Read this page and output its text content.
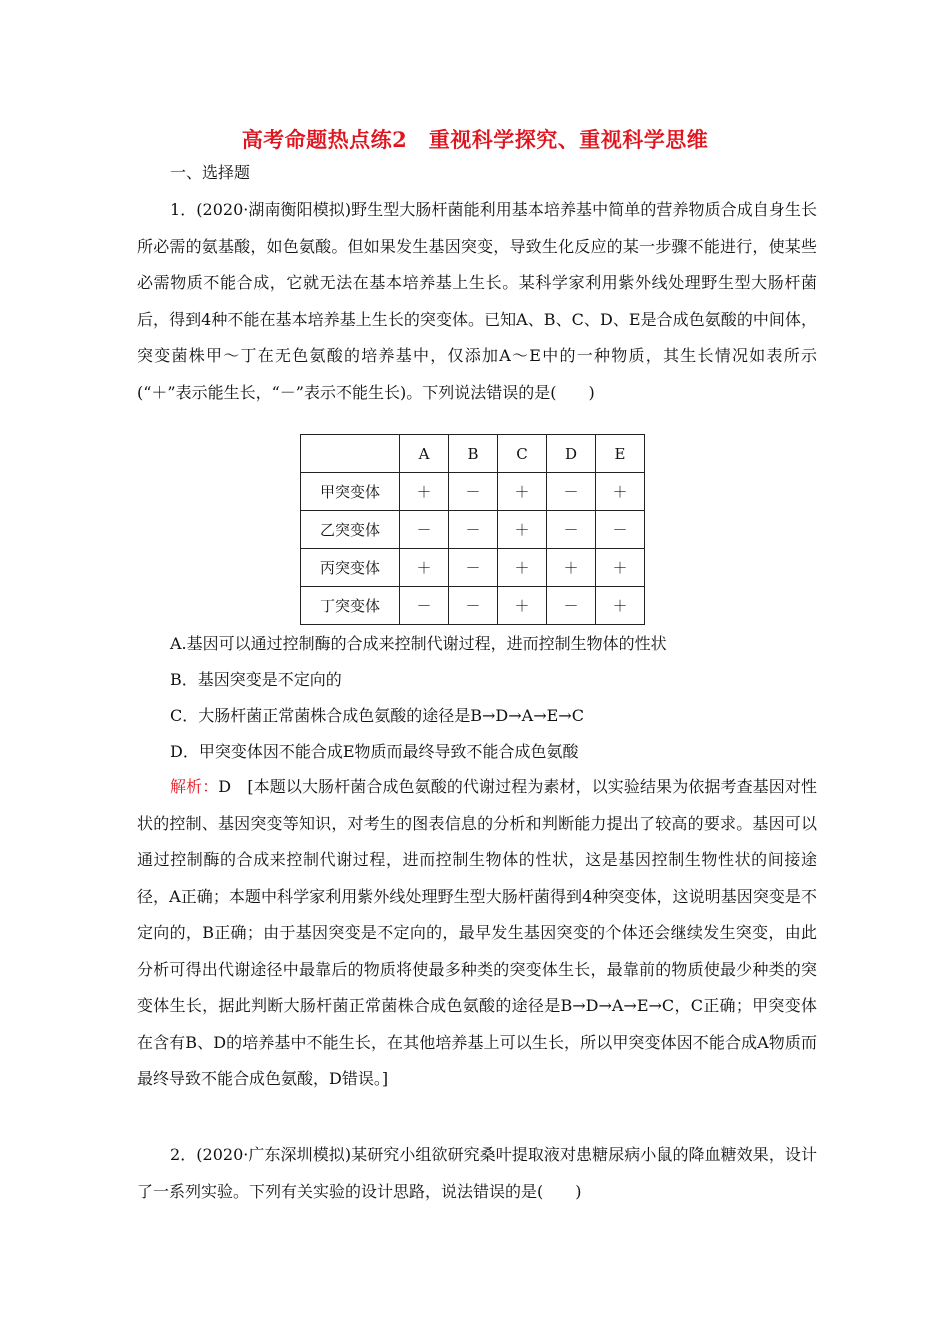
高考命题热点练2　重视科学探究、重视科学思维
一、选择题
1．(2020·湖南衡阳模拟)野生型大肠杆菌能利用基本培养基中简单的营养物质合成自身生长所必需的氨基酸，如色氨酸。但如果发生基因突变，导致生化反应的某一步骤不能进行，使某些必需物质不能合成，它就无法在基本培养基上生长。某科学家利用紫外线处理野生型大肠杆菌后，得到4种不能在基本培养基上生长的突变体。已知A、B、C、D、E是合成色氨酸的中间体，突变菌株甲～丁在无色氨酸的培养基中，仅添加A～E中的一种物质，其生长情况如表所示(“＋”表示能生长，“－”表示不能生长)。下列说法错误的是(　　)
	A	B	C	D	E
甲突变体	＋	－	＋	－	＋
乙突变体	－	－	＋	－	－
丙突变体	＋	－	＋	＋	＋
丁突变体	－	－	＋	－	＋
A.基因可以通过控制酶的合成来控制代谢过程，进而控制生物体的性状
B．基因突变是不定向的
C．大肠杆菌正常菌株合成色氨酸的途径是B→D→A→E→C
D．甲突变体因不能合成E物质而最终导致不能合成色氨酸
解析：D　[本题以大肠杆菌合成色氨酸的代谢过程为素材，以实验结果为依据考查基因对性状的控制、基因突变等知识，对考生的图表信息的分析和判断能力提出了较高的要求。基因可以通过控制酶的合成来控制代谢过程，进而控制生物体的性状，这是基因控制生物性状的间接途径，A正确；本题中科学家利用紫外线处理野生型大肠杆菌得到4种突变体，这说明基因突变是不定向的，B正确；由于基因突变是不定向的，最早发生基因突变的个体还会继续发生突变，由此分析可得出代谢途径中最靠后的物质将使最多种类的突变体生长，最靠前的物质使最少种类的突变体生长，据此判断大肠杆菌正常菌株合成色氨酸的途径是B→D→A→E→C，C正确；甲突变体在含有B、D的培养基中不能生长，在其他培养基上可以生长，所以甲突变体因不能合成A物质而最终导致不能合成色氨酸，D错误。]
2．(2020·广东深圳模拟)某研究小组欲研究桑叶提取液对患糖尿病小鼠的降血糖效果，设计了一系列实验。下列有关实验的设计思路，说法错误的是(　　)
